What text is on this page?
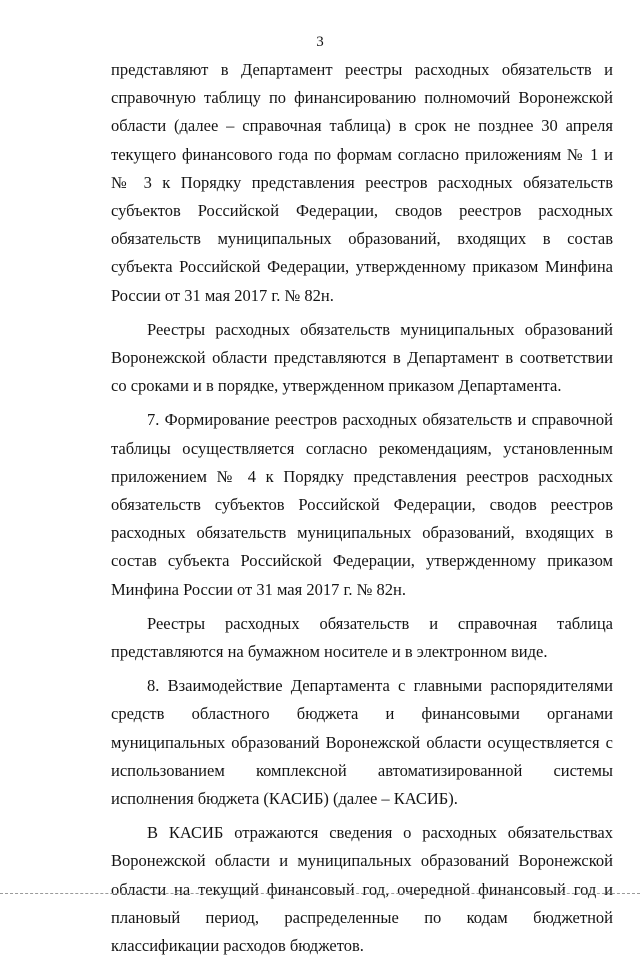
3

представляют в Департамент реестры расходных обязательств и справочную таблицу по финансированию полномочий Воронежской области (далее – справочная таблица) в срок не позднее 30 апреля текущего финансового года по формам согласно приложениям № 1 и № 3 к Порядку представления реестров расходных обязательств субъектов Российской Федерации, сводов реестров расходных обязательств муниципальных образований, входящих в состав субъекта Российской Федерации, утвержденному приказом Минфина России от 31 мая 2017 г. № 82н.

Реестры расходных обязательств муниципальных образований Воронежской области представляются в Департамент в соответствии со сроками и в порядке, утвержденном приказом Департамента.

7. Формирование реестров расходных обязательств и справочной таблицы осуществляется согласно рекомендациям, установленным приложением № 4 к Порядку представления реестров расходных обязательств субъектов Российской Федерации, сводов реестров расходных обязательств муниципальных образований, входящих в состав субъекта Российской Федерации, утвержденному приказом Минфина России от 31 мая 2017 г. № 82н.

Реестры расходных обязательств и справочная таблица представляются на бумажном носителе и в электронном виде.

8. Взаимодействие Департамента с главными распорядителями средств областного бюджета и финансовыми органами муниципальных образований Воронежской области осуществляется с использованием комплексной автоматизированной системы исполнения бюджета (КАСИБ) (далее – КАСИБ).

В КАСИБ отражаются сведения о расходных обязательствах Воронежской области и муниципальных образований Воронежской области на текущий финансовый год, очередной финансовый год и плановый период, распределенные по кодам бюджетной классификации расходов бюджетов.
